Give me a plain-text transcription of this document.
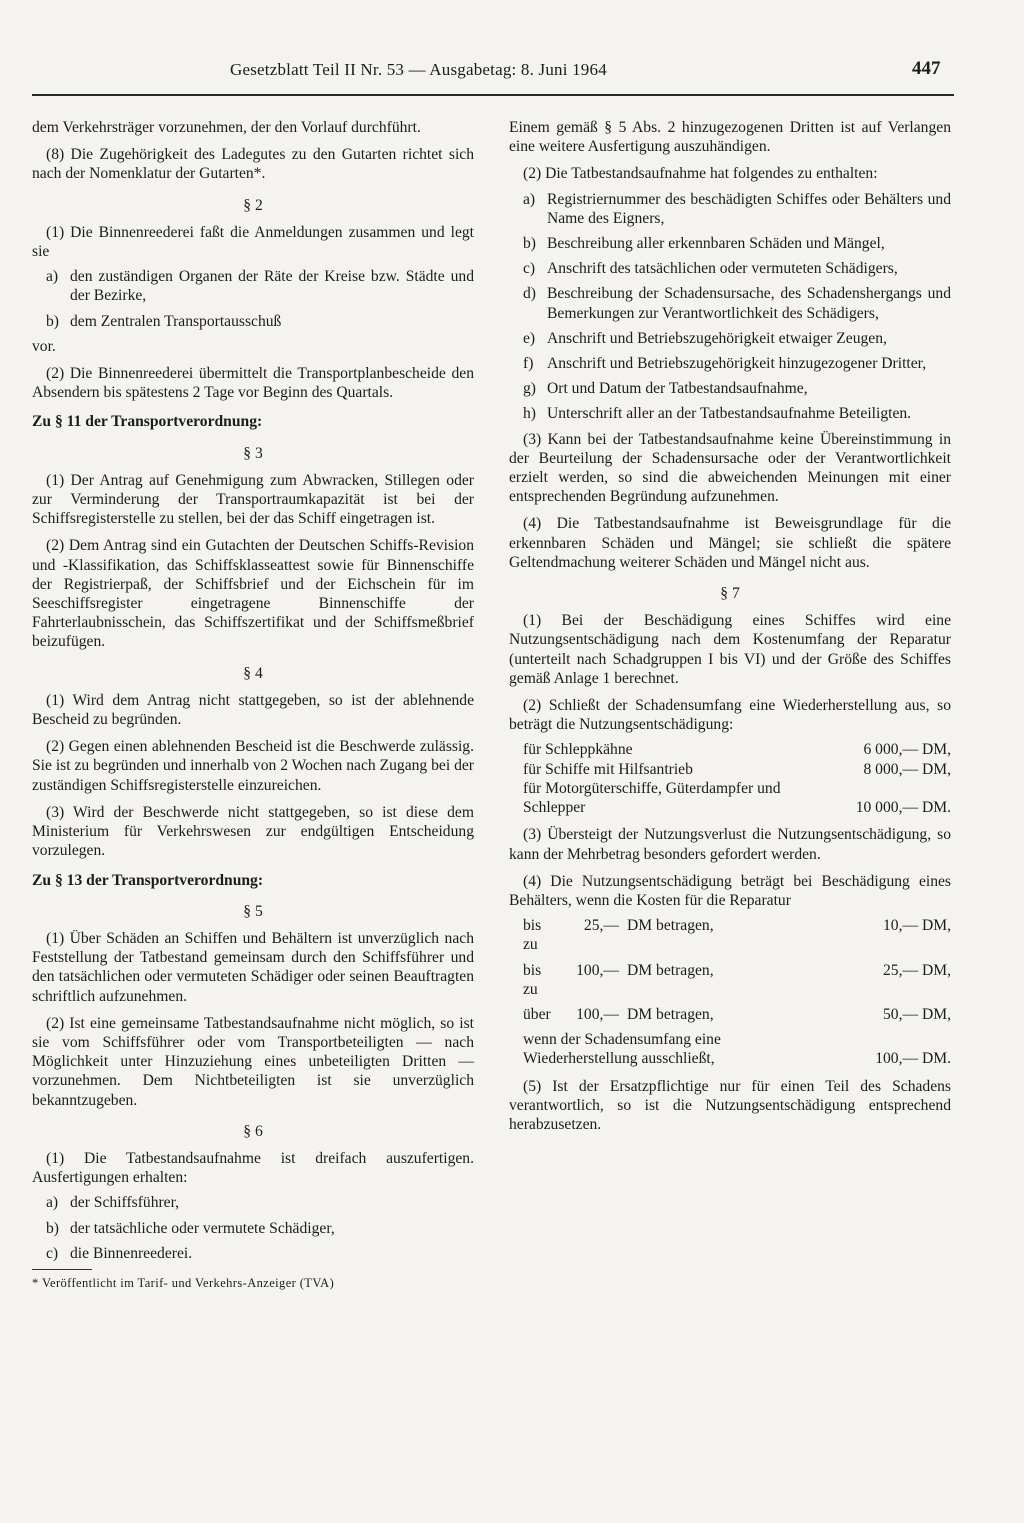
Gesetzblatt Teil II Nr. 53 — Ausgabetag: 8. Juni 1964	447

dem Verkehrsträger vorzunehmen, der den Vorlauf durchführt.

(8) Die Zugehörigkeit des Ladegutes zu den Gutarten richtet sich nach der Nomenklatur der Gutarten*.

§ 2

(1) Die Binnenreederei faßt die Anmeldungen zusammen und legt sie

a) den zuständigen Organen der Räte der Kreise bzw. Städte und der Bezirke,
b) dem Zentralen Transportausschuß

vor.

(2) Die Binnenreederei übermittelt die Transportplanbescheide den Absendern bis spätestens 2 Tage vor Beginn des Quartals.

Zu § 11 der Transportverordnung:
§ 3

(1) Der Antrag auf Genehmigung zum Abwracken, Stillegen oder zur Verminderung der Transportraumkapazität ist bei der Schiffsregisterstelle zu stellen, bei der das Schiff eingetragen ist.

(2) Dem Antrag sind ein Gutachten der Deutschen Schiffs-Revision und -Klassifikation, das Schiffsklasseattest sowie für Binnenschiffe der Registrierpaß, der Schiffsbrief und der Eichschein für im Seeschiffsregister eingetragene Binnenschiffe der Fahrterlaubnisschein, das Schiffszertifikat und der Schiffsmeßbrief beizufügen.

§ 4

(1) Wird dem Antrag nicht stattgegeben, so ist der ablehnende Bescheid zu begründen.

(2) Gegen einen ablehnenden Bescheid ist die Beschwerde zulässig. Sie ist zu begründen und innerhalb von 2 Wochen nach Zugang bei der zuständigen Schiffsregisterstelle einzureichen.

(3) Wird der Beschwerde nicht stattgegeben, so ist diese dem Ministerium für Verkehrswesen zur endgültigen Entscheidung vorzulegen.

Zu § 13 der Transportverordnung:
§ 5

(1) Über Schäden an Schiffen und Behältern ist unverzüglich nach Feststellung der Tatbestand gemeinsam durch den Schiffsführer und den tatsächlichen oder vermuteten Schädiger oder seinen Beauftragten schriftlich aufzunehmen.

(2) Ist eine gemeinsame Tatbestandsaufnahme nicht möglich, so ist sie vom Schiffsführer oder vom Transportbeteiligten — nach Möglichkeit unter Hinzuziehung eines unbeteiligten Dritten — vorzunehmen. Dem Nichtbeteiligten ist sie unverzüglich bekanntzugeben.

§ 6

(1) Die Tatbestandsaufnahme ist dreifach auszufertigen. Ausfertigungen erhalten:

a) der Schiffsführer,
b) der tatsächliche oder vermutete Schädiger,
c) die Binnenreederei.
* Veröffentlicht im Tarif- und Verkehrs-Anzeiger (TVA)

Einem gemäß § 5 Abs. 2 hinzugezogenen Dritten ist auf Verlangen eine weitere Ausfertigung auszuhändigen.

(2) Die Tatbestandsaufnahme hat folgendes zu enthalten:

a) Registriernummer des beschädigten Schiffes oder Behälters und Name des Eigners,
b) Beschreibung aller erkennbaren Schäden und Mängel,
c) Anschrift des tatsächlichen oder vermuteten Schädigers,
d) Beschreibung der Schadensursache, des Schadenshergangs und Bemerkungen zur Verantwortlichkeit des Schädigers,
e) Anschrift und Betriebszugehörigkeit etwaiger Zeugen,
f) Anschrift und Betriebszugehörigkeit hinzugezogener Dritter,
g) Ort und Datum der Tatbestandsaufnahme,
h) Unterschrift aller an der Tatbestandsaufnahme Beteiligten.

(3) Kann bei der Tatbestandsaufnahme keine Übereinstimmung in der Beurteilung der Schadensursache oder der Verantwortlichkeit erzielt werden, so sind die abweichenden Meinungen mit einer entsprechenden Begründung aufzunehmen.

(4) Die Tatbestandsaufnahme ist Beweisgrundlage für die erkennbaren Schäden und Mängel; sie schließt die spätere Geltendmachung weiterer Schäden und Mängel nicht aus.

§ 7

(1) Bei der Beschädigung eines Schiffes wird eine Nutzungsentschädigung nach dem Kostenumfang der Reparatur (unterteilt nach Schadgruppen I bis VI) und der Größe des Schiffes gemäß Anlage 1 berechnet.

(2) Schließt der Schadensumfang eine Wiederherstellung aus, so beträgt die Nutzungsentschädigung:

für Schleppkähne	6 000,— DM,
für Schiffe mit Hilfsantrieb	8 000,— DM,
für Motorgüterschiffe, Güterdampfer und
Schlepper	10 000,— DM.

(3) Übersteigt der Nutzungsverlust die Nutzungsentschädigung, so kann der Mehrbetrag besonders gefordert werden.

(4) Die Nutzungsentschädigung beträgt bei Beschädigung eines Behälters, wenn die Kosten für die Reparatur

bis zu
25,— DM betragen,	10,— DM,
bis zu
100,— DM betragen,	25,— DM,
über	100,— DM betragen,	50,— DM,
wenn der Schadensumfang eine Wiederherstellung ausschließt,	100,— DM.

(5) Ist der Ersatzpflichtige nur für einen Teil des Schadens verantwortlich, so ist die Nutzungsentschädigung entsprechend herabzusetzen.
